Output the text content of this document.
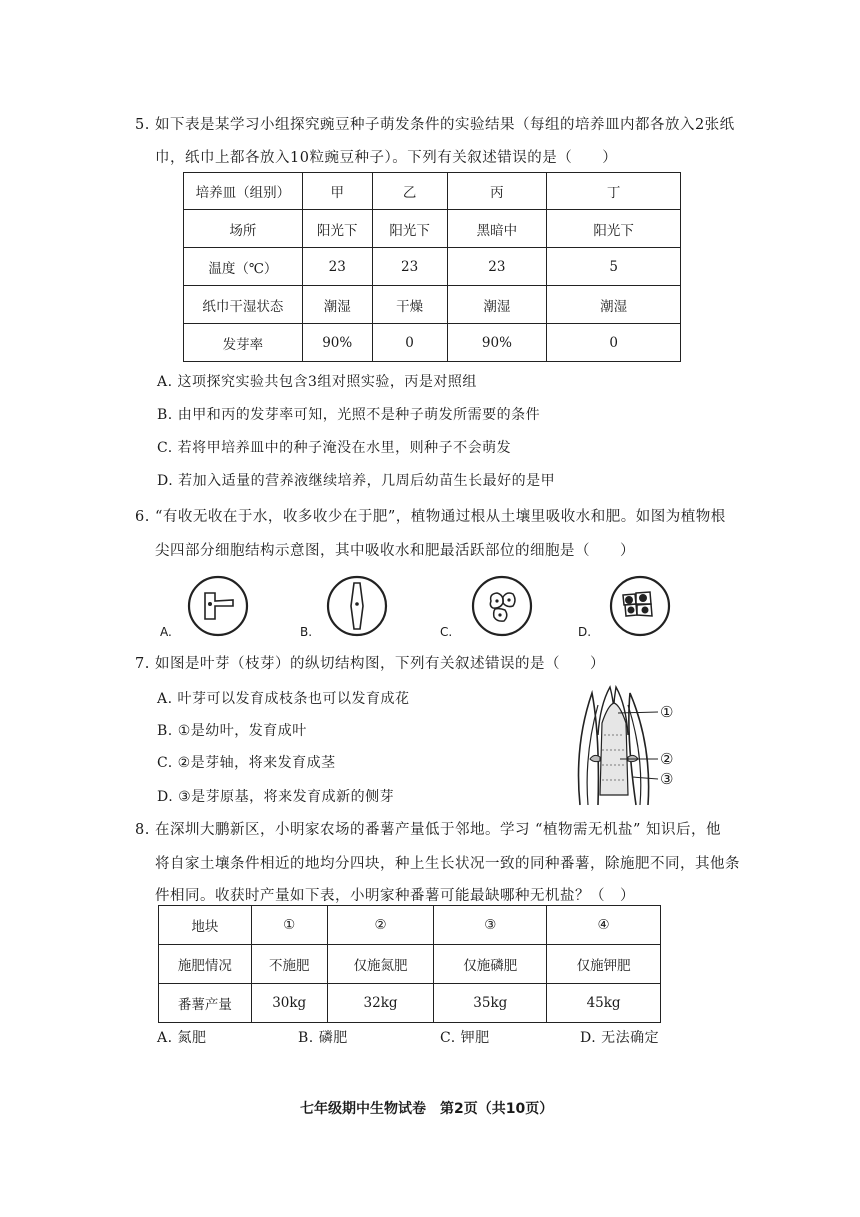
5. 如下表是某学习小组探究豌豆种子萌发条件的实验结果（每组的培养皿内都各放入2张纸
巾，纸巾上都各放入10粒豌豆种子）。下列有关叙述错误的是（　　）
培养皿（组别）	甲	乙	丙	丁
场所	阳光下	阳光下	黑暗中	阳光下
温度（℃）	23	23	23	5
纸巾干湿状态	潮湿	干燥	潮湿	潮湿
发芽率	90%	0	90%	0
A. 这项探究实验共包含3组对照实验，丙是对照组
B. 由甲和丙的发芽率可知，光照不是种子萌发所需要的条件
C. 若将甲培养皿中的种子淹没在水里，则种子不会萌发
D. 若加入适量的营养液继续培养，几周后幼苗生长最好的是甲
6. “有收无收在于水，收多收少在于肥”，植物通过根从土壤里吸收水和肥。如图为植物根
尖四部分细胞结构示意图，其中吸收水和肥最活跃部位的细胞是（　　）
A.	B.	C.	D.
7. 如图是叶芽（枝芽）的纵切结构图，下列有关叙述错误的是（　　）
A. 叶芽可以发育成枝条也可以发育成花
B. ①是幼叶，发育成叶
C. ②是芽轴，将来发育成茎
D. ③是芽原基，将来发育成新的侧芽
①
②
③
8. 在深圳大鹏新区，小明家农场的番薯产量低于邻地。学习 “植物需无机盐” 知识后，他
将自家土壤条件相近的地均分四块，种上生长状况一致的同种番薯，除施肥不同，其他条
件相同。收获时产量如下表，小明家种番薯可能最缺哪种无机盐？（　）
地块	①	②	③	④
施肥情况	不施肥	仅施氮肥	仅施磷肥	仅施钾肥
番薯产量	30kg	32kg	35kg	45kg
A. 氮肥	B. 磷肥	C. 钾肥	D. 无法确定
七年级期中生物试卷　第2页（共10页）
